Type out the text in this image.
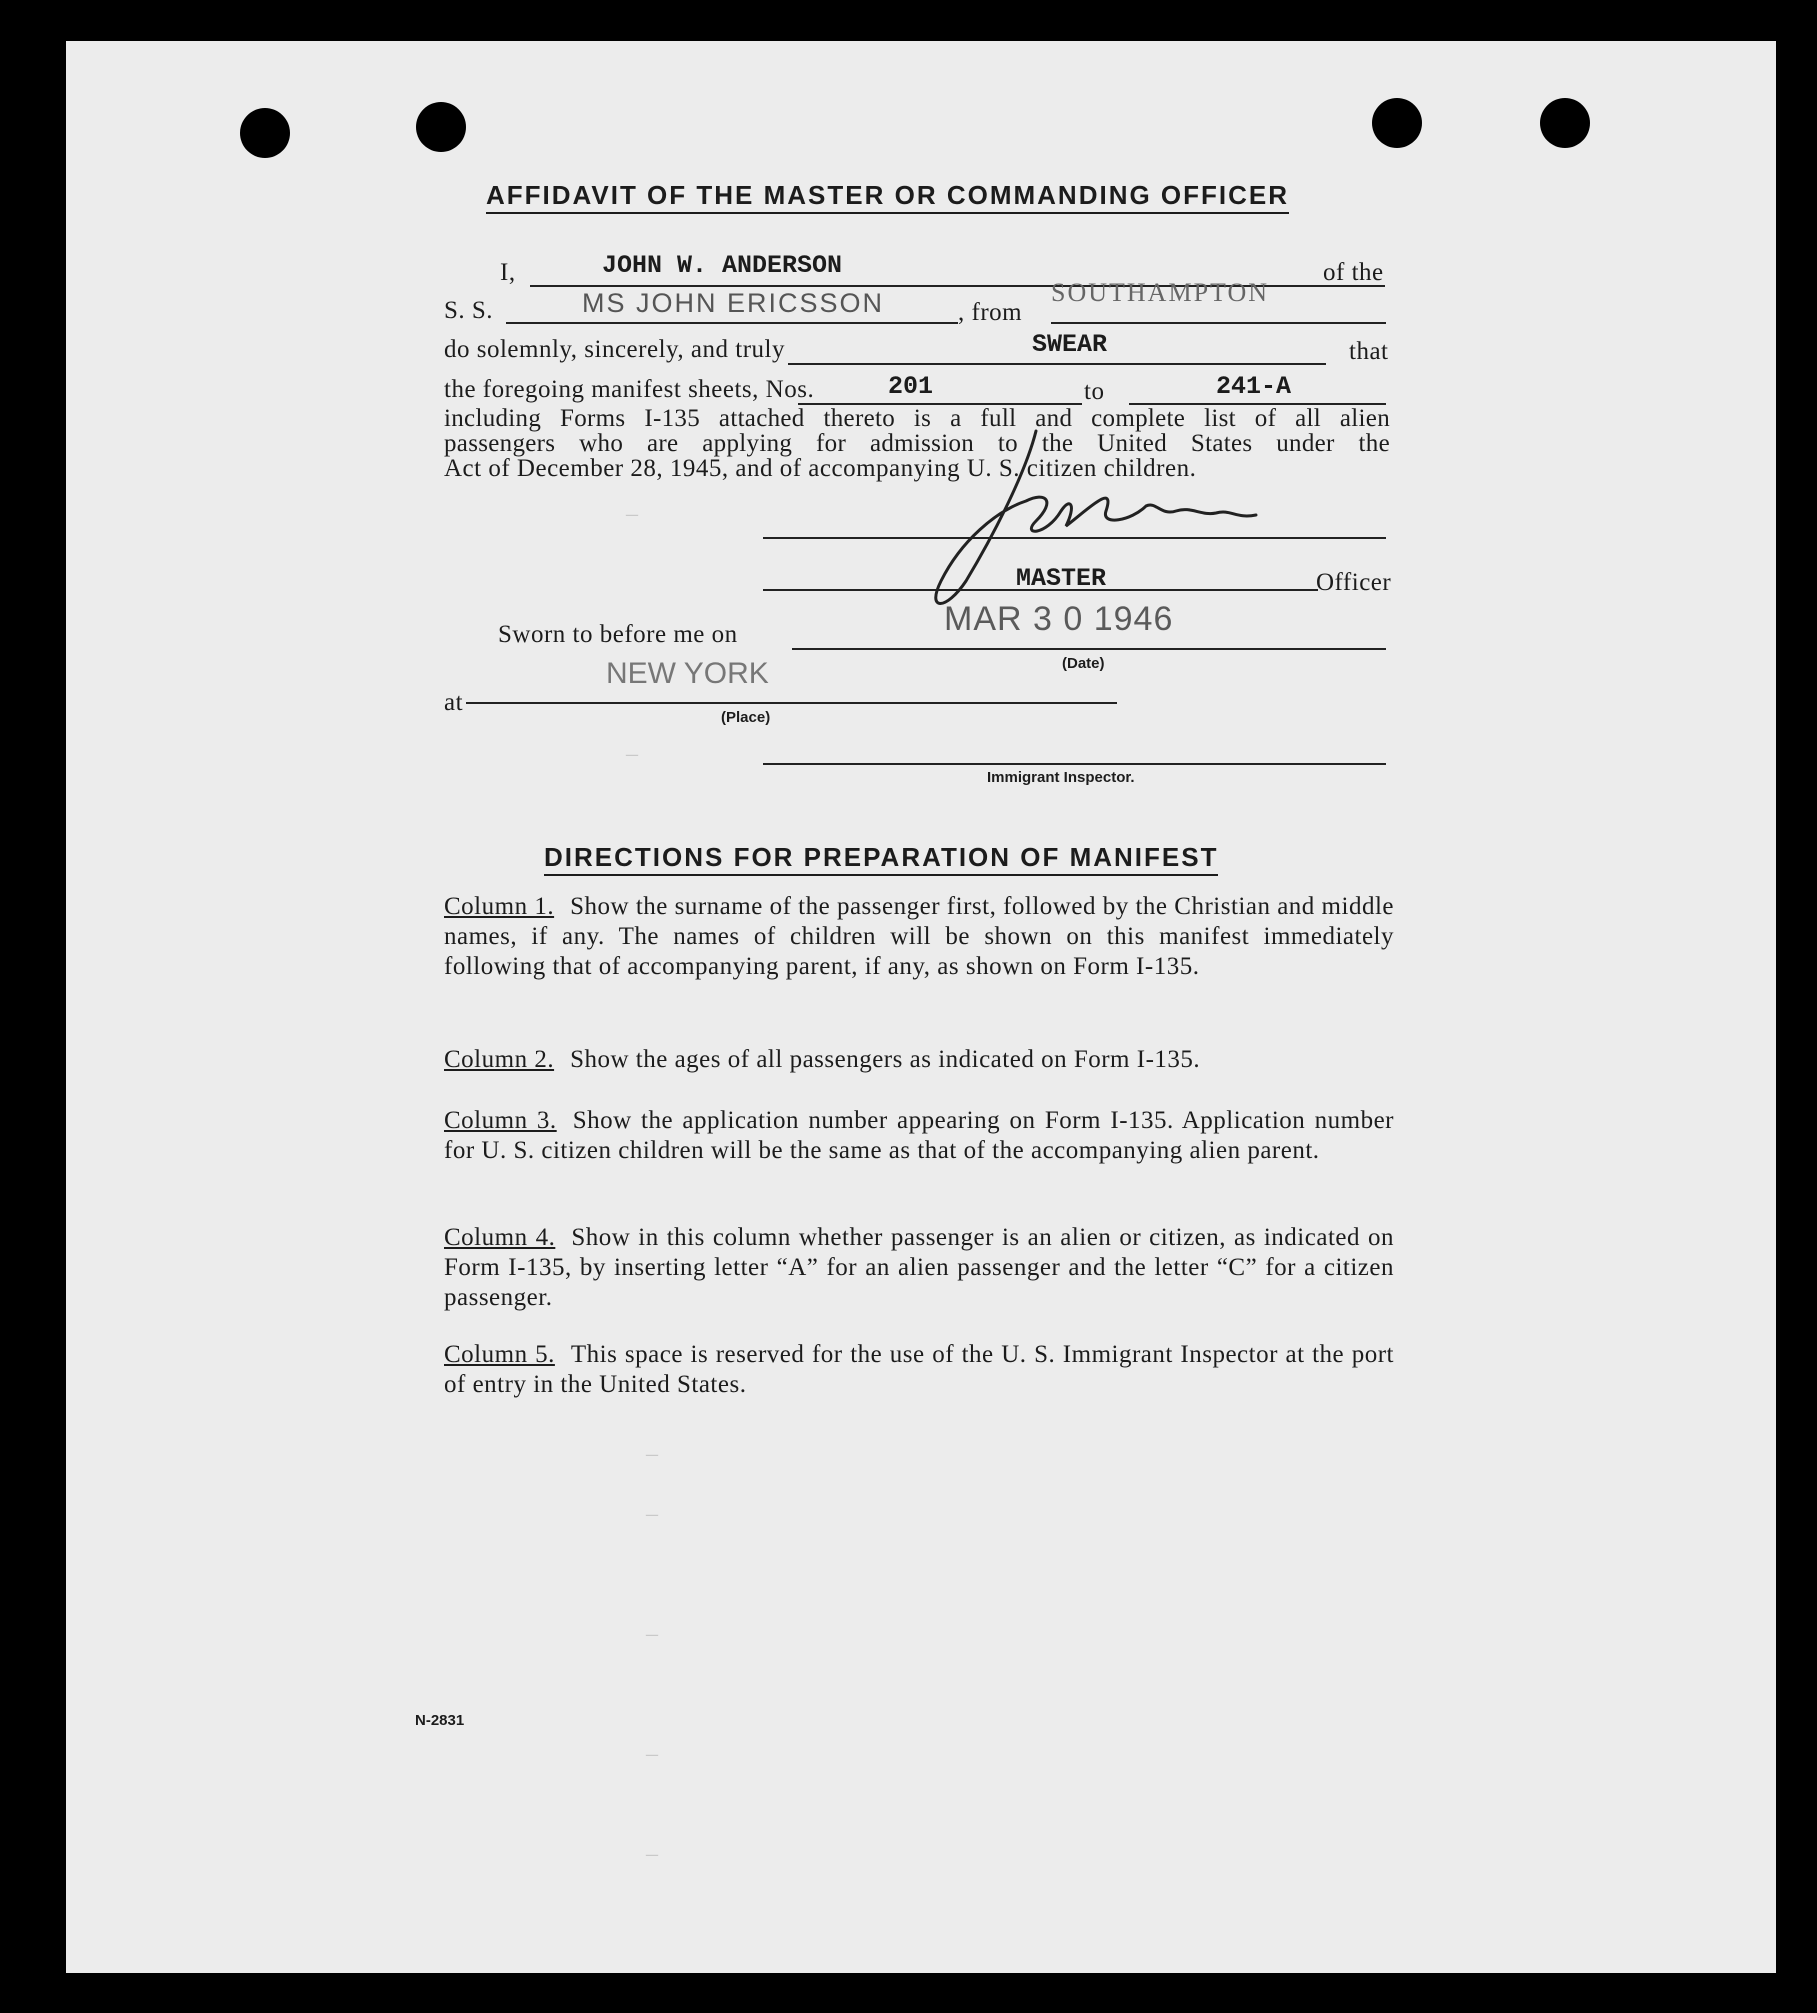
–
–
–
–
–
–
–
AFFIDAVIT OF THE MASTER OR COMMANDING OFFICER
I,	JOHN W. ANDERSON	of the
S. S.	MS JOHN ERICSSON	, from
SOUTHAMPTON
do solemnly, sincerely, and truly	SWEAR	that
the foregoing manifest sheets, Nos.	201	to	241-A
including Forms I-135 attached thereto is a full and complete list of all alien
passengers who are applying for admission to the United States under the
Act of December 28, 1945, and of accompanying U. S. citizen children.
MASTER	Officer
Sworn to before me on	MAR 3 0 1946
(Date)
at
NEW YORK
(Place)
Immigrant Inspector.
DIRECTIONS FOR PREPARATION OF MANIFEST
Column 1. Show the surname of the passenger first, followed by the Christian and middle names, if any. The names of children will be shown on this manifest immediately following that of accompanying parent, if any, as shown on Form I-135.
Column 2. Show the ages of all passengers as indicated on Form I-135.
Column 3. Show the application number appearing on Form I-135. Application number for U. S. citizen children will be the same as that of the accompanying alien parent.
Column 4. Show in this column whether passenger is an alien or citizen, as indicated on Form I-135, by inserting letter “A” for an alien passenger and the letter “C” for a citizen passenger.
Column 5. This space is reserved for the use of the U. S. Immigrant Inspector at the port of entry in the United States.
N-2831
